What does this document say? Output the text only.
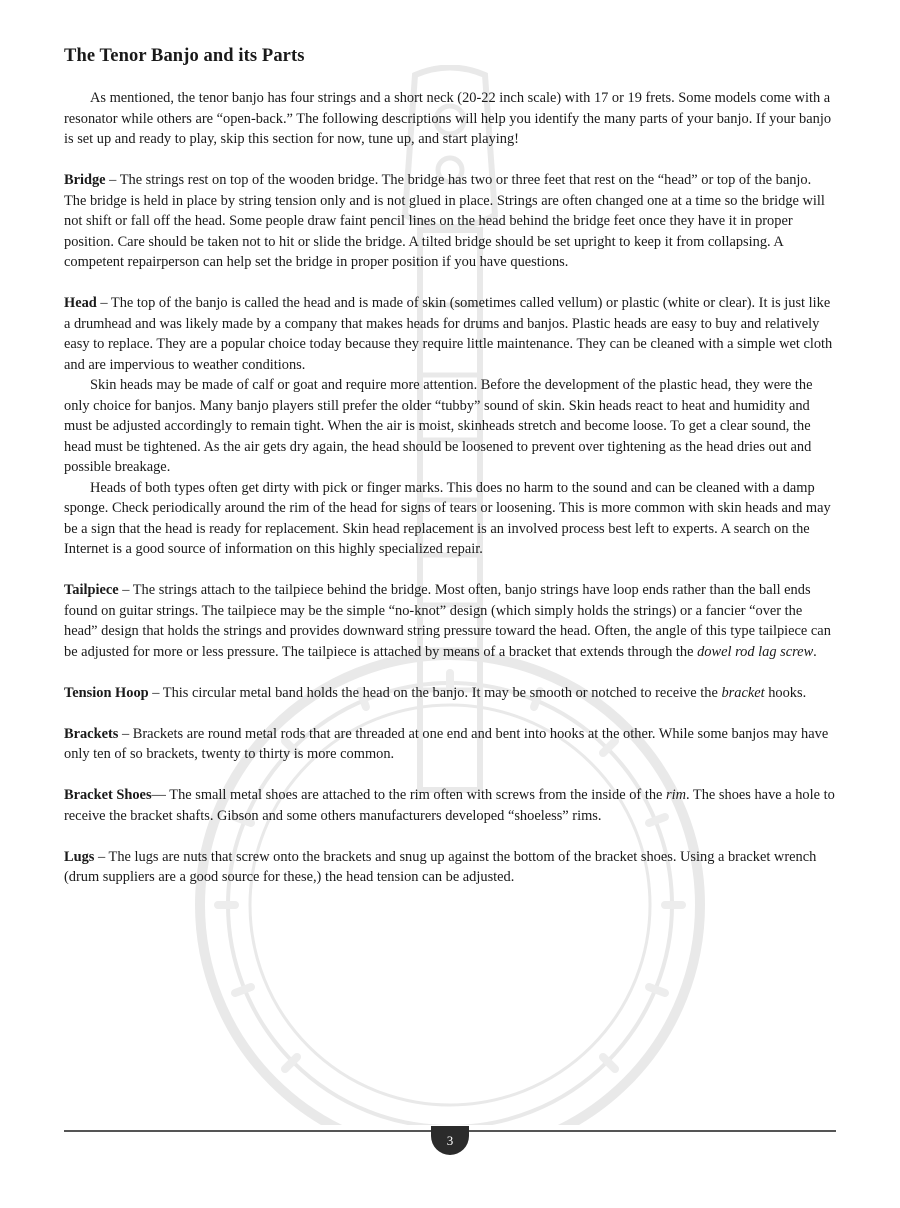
The Tenor Banjo and its Parts

As mentioned, the tenor banjo has four strings and a short neck (20-22 inch scale) with 17 or 19 frets. Some models come with a resonator while others are “open-back.” The following descriptions will help you identify the many parts of your banjo. If your banjo is set up and ready to play, skip this section for now, tune up, and start playing!

Bridge – The strings rest on top of the wooden bridge. The bridge has two or three feet that rest on the “head” or top of the banjo. The bridge is held in place by string tension only and is not glued in place. Strings are often changed one at a time so the bridge will not shift or fall off the head. Some people draw faint pencil lines on the head behind the bridge feet once they have it in proper position. Care should be taken not to hit or slide the bridge. A tilted bridge should be set upright to keep it from collapsing. A competent repairperson can help set the bridge in proper position if you have questions.

Head – The top of the banjo is called the head and is made of skin (sometimes called vellum) or plastic (white or clear). It is just like a drumhead and was likely made by a company that makes heads for drums and banjos. Plastic heads are easy to buy and relatively easy to replace. They are a popular choice today because they require little maintenance. They can be cleaned with a simple wet cloth and are impervious to weather conditions.

Skin heads may be made of calf or goat and require more attention. Before the development of the plastic head, they were the only choice for banjos. Many banjo players still prefer the older “tubby” sound of skin. Skin heads react to heat and humidity and must be adjusted accordingly to remain tight. When the air is moist, skinheads stretch and become loose. To get a clear sound, the head must be tightened. As the air gets dry again, the head should be loosened to prevent over tightening as the head dries out and possible breakage.

Heads of both types often get dirty with pick or finger marks. This does no harm to the sound and can be cleaned with a damp sponge. Check periodically around the rim of the head for signs of tears or loosening. This is more common with skin heads and may be a sign that the head is ready for replacement. Skin head replacement is an involved process best left to experts. A search on the Internet is a good source of information on this highly specialized repair.

Tailpiece – The strings attach to the tailpiece behind the bridge. Most often, banjo strings have loop ends rather than the ball ends found on guitar strings. The tailpiece may be the simple “no-knot” design (which simply holds the strings) or a fancier “over the head” design that holds the strings and provides downward string pressure toward the head. Often, the angle of this type tailpiece can be adjusted for more or less pressure. The tailpiece is attached by means of a bracket that extends through the dowel rod lag screw.

Tension Hoop – This circular metal band holds the head on the banjo. It may be smooth or notched to receive the bracket hooks.

Brackets – Brackets are round metal rods that are threaded at one end and bent into hooks at the other. While some banjos may have only ten of so brackets, twenty to thirty is more common.

Bracket Shoes— The small metal shoes are attached to the rim often with screws from the inside of the rim. The shoes have a hole to receive the bracket shafts. Gibson and some others manufacturers developed “shoeless” rims.

Lugs – The lugs are nuts that screw onto the brackets and snug up against the bottom of the bracket shoes. Using a bracket wrench (drum suppliers are a good source for these,) the head tension can be adjusted.

3
